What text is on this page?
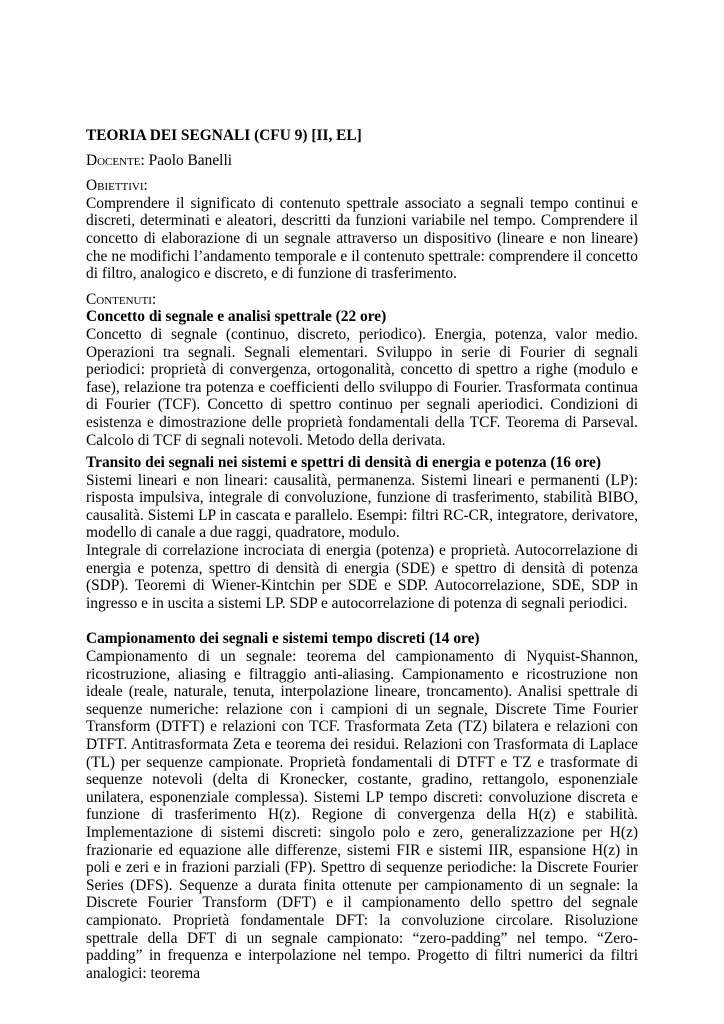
TEORIA DEI SEGNALI (CFU 9) [II, EL]

Docente: Paolo Banelli

Obiettivi:

Comprendere il significato di contenuto spettrale associato a segnali tempo continui e discreti, determinati e aleatori, descritti da funzioni variabile nel tempo. Comprendere il concetto di elaborazione di un segnale attraverso un dispositivo (lineare e non lineare) che ne modifichi l’andamento temporale e il contenuto spettrale: comprendere il concetto di filtro, analogico e discreto, e di funzione di trasferimento.

Contenuti:

Concetto di segnale e analisi spettrale (22 ore)

Concetto di segnale (continuo, discreto, periodico). Energia, potenza, valor medio. Operazioni tra segnali. Segnali elementari. Sviluppo in serie di Fourier di segnali periodici: proprietà di convergenza, ortogonalità, concetto di spettro a righe (modulo e fase), relazione tra potenza e coefficienti dello sviluppo di Fourier. Trasformata continua di Fourier (TCF). Concetto di spettro continuo per segnali aperiodici. Condizioni di esistenza e dimostrazione delle proprietà fondamentali della TCF. Teorema di Parseval. Calcolo di TCF di segnali notevoli. Metodo della derivata.

Transito dei segnali nei sistemi e spettri di densità di energia e potenza (16 ore)

Sistemi lineari e non lineari: causalità, permanenza. Sistemi lineari e permanenti (LP): risposta impulsiva, integrale di convoluzione, funzione di trasferimento, stabilità BIBO, causalità. Sistemi LP in cascata e parallelo. Esempi: filtri RC-CR, integratore, derivatore, modello di canale a due raggi, quadratore, modulo.

Integrale di correlazione incrociata di energia (potenza) e proprietà. Autocorrelazione di energia e potenza, spettro di densità di energia (SDE) e spettro di densità di potenza (SDP). Teoremi di Wiener-Kintchin per SDE e SDP. Autocorrelazione, SDE, SDP in ingresso e in uscita a sistemi LP. SDP e autocorrelazione di potenza di segnali periodici.

Campionamento dei segnali e sistemi tempo discreti (14 ore)

Campionamento di un segnale: teorema del campionamento di Nyquist-Shannon, ricostruzione, aliasing e filtraggio anti-aliasing. Campionamento e ricostruzione non ideale (reale, naturale, tenuta, interpolazione lineare, troncamento). Analisi spettrale di sequenze numeriche: relazione con i campioni di un segnale, Discrete Time Fourier Transform (DTFT) e relazioni con TCF. Trasformata Zeta (TZ) bilatera e relazioni con DTFT. Antitrasformata Zeta e teorema dei residui. Relazioni con Trasformata di Laplace (TL) per sequenze campionate. Proprietà fondamentali di DTFT e TZ e trasformate di sequenze notevoli (delta di Kronecker, costante, gradino, rettangolo, esponenziale unilatera, esponenziale complessa). Sistemi LP tempo discreti: convoluzione discreta e funzione di trasferimento H(z). Regione di convergenza della H(z) e stabilità. Implementazione di sistemi discreti: singolo polo e zero, generalizzazione per H(z) frazionarie ed equazione alle differenze, sistemi FIR e sistemi IIR, espansione H(z) in poli e zeri e in frazioni parziali (FP). Spettro di sequenze periodiche: la Discrete Fourier Series (DFS). Sequenze a durata finita ottenute per campionamento di un segnale: la Discrete Fourier Transform (DFT) e il campionamento dello spettro del segnale campionato. Proprietà fondamentale DFT: la convoluzione circolare. Risoluzione spettrale della DFT di un segnale campionato: “zero-padding” nel tempo. “Zero-padding” in frequenza e interpolazione nel tempo. Progetto di filtri numerici da filtri analogici: teorema
